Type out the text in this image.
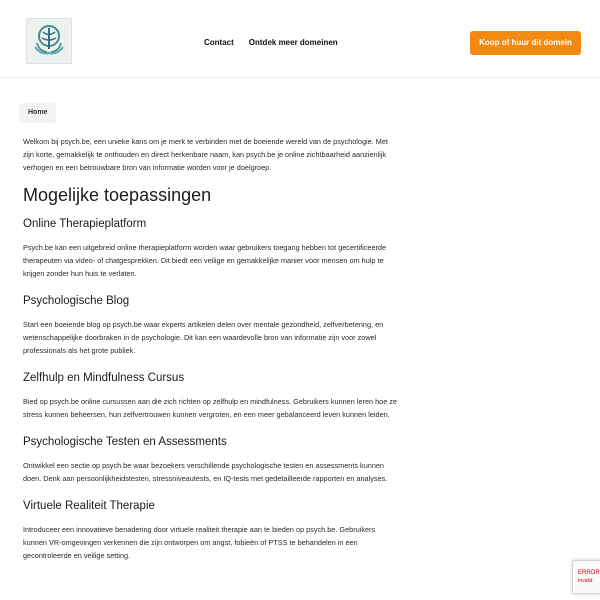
Contact Ontdek meer domeinen	Koop of huur dit domein
Home

Welkom bij psych.be, een unieke kans om je merk te verbinden met de boeiende wereld van de psychologie. Met zijn korte, gemakkelijk te onthouden en direct herkenbare naam, kan psych.be je online zichtbaarheid aanzienlijk verhogen en een betrouwbare bron van informatie worden voor je doelgroep.

Mogelijke toepassingen
Online Therapieplatform

Psych.be kan een uitgebreid online therapieplatform worden waar gebruikers toegang hebben tot gecertificeerde therapeuten via video- of chatgesprekken. Dit biedt een veilige en gemakkelijke manier voor mensen om hulp te krijgen zonder hun huis te verlaten.

Psychologische Blog

Start een boeiende blog op psych.be waar experts artikelen delen over mentale gezondheid, zelfverbetering, en wetenschappelijke doorbraken in de psychologie. Dit kan een waardevolle bron van informatie zijn voor zowel professionals als het grote publiek.

Zelfhulp en Mindfulness Cursus

Bied op psych.be online cursussen aan die zich richten op zelfhulp en mindfulness. Gebruikers kunnen leren hoe ze stress kunnen beheersen, hun zelfvertrouwen kunnen vergroten, en een meer gebalanceerd leven kunnen leiden.

Psychologische Testen en Assessments

Ontwikkel een sectie op psych.be waar bezoekers verschillende psychologische testen en assessments kunnen doen. Denk aan persoonlijkheidstesten, stressniveautests, en IQ-tests met gedetailleerde rapporten en analyses.

Virtuele Realiteit Therapie

Introduceer een innovatieve benadering door virtuele realiteit therapie aan te bieden op psych.be. Gebruikers kunnen VR-omgevingen verkennen die zijn ontworpen om angst, fobieën of PTSS te behandelen in een gecontroleerde en veilige setting.

ERROR
Invalid
